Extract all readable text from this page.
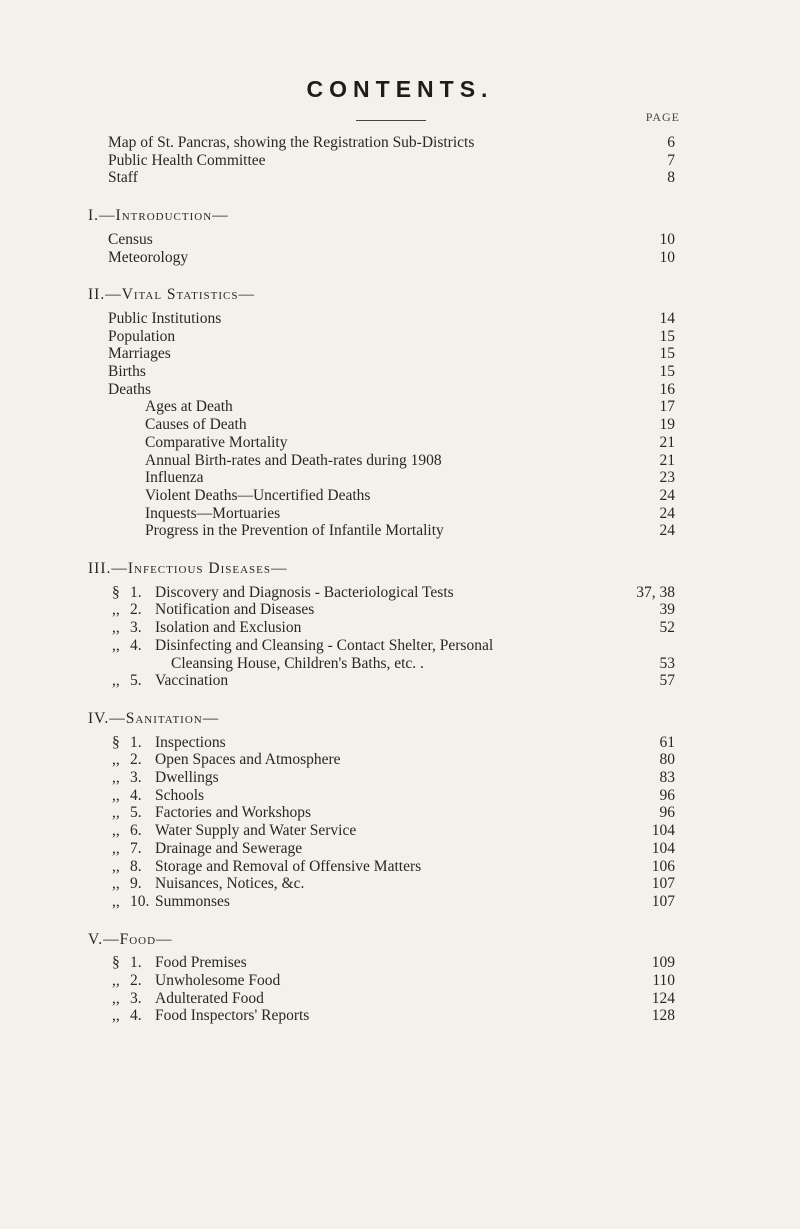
CONTENTS.
PAGE
Map of St. Pancras, showing the Registration Sub-Districts	6
Public Health Committee	7
Staff	8
I.—Introduction—
Census	10
Meteorology	10
II.—Vital Statistics—
Public Institutions	14
Population	15
Marriages	15
Births	15
Deaths	16
Ages at Death	17
Causes of Death	19
Comparative Mortality	21
Annual Birth-rates and Death-rates during 1908	21
Influenza	23
Violent Deaths—Uncertified Deaths	24
Inquests—Mortuaries	24
Progress in the Prevention of Infantile Mortality	24
III.—Infectious Diseases—
§ 1. Discovery and Diagnosis - Bacteriological Tests	37, 38
,, 2. Notification and Diseases	39
,, 3. Isolation and Exclusion	52
,, 4. Disinfecting and Cleansing - Contact Shelter, Personal
Cleansing House, Children's Baths, etc. .	53
,, 5. Vaccination	57
IV.—Sanitation—
§ 1. Inspections	61
,, 2. Open Spaces and Atmosphere	80
,, 3. Dwellings	83
,, 4. Schools	96
,, 5. Factories and Workshops	96
,, 6. Water Supply and Water Service	104
,, 7. Drainage and Sewerage	104
,, 8. Storage and Removal of Offensive Matters	106
,, 9. Nuisances, Notices, &c.	107
,, 10. Summonses	107
V.—Food—
§ 1. Food Premises	109
,, 2. Unwholesome Food	110
,, 3. Adulterated Food	124
,, 4. Food Inspectors' Reports	128
